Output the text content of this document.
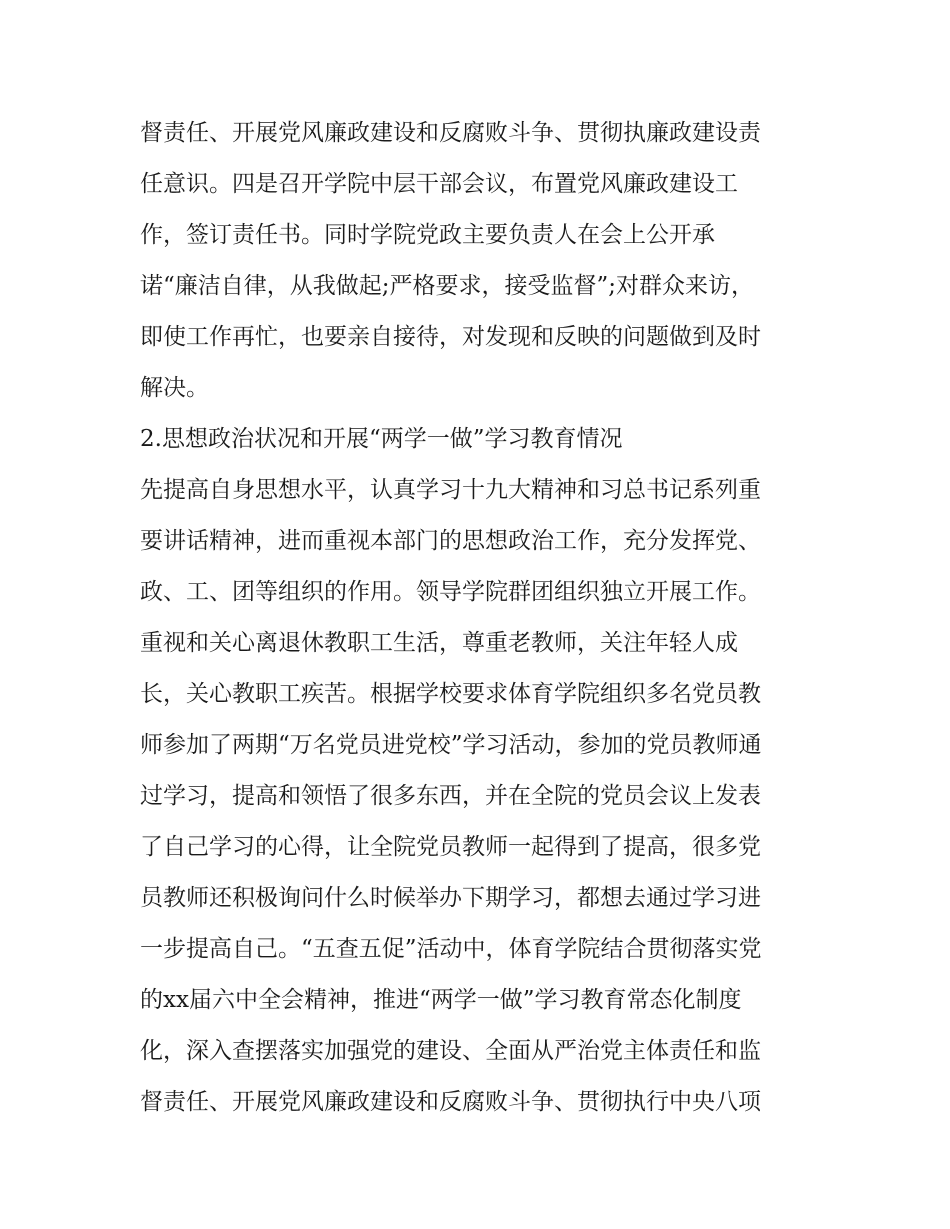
督责任、开展党风廉政建设和反腐败斗争、贯彻执廉政建设责
任意识。四是召开学院中层干部会议，布置党风廉政建设工
作，签订责任书。同时学院党政主要负责人在会上公开承
诺“廉洁自律，从我做起;严格要求，接受监督”;对群众来访，
即使工作再忙，也要亲自接待，对发现和反映的问题做到及时
解决。
2.思想政治状况和开展“两学一做”学习教育情况
先提高自身思想水平，认真学习十九大精神和习总书记系列重
要讲话精神，进而重视本部门的思想政治工作，充分发挥党、
政、工、团等组织的作用。领导学院群团组织独立开展工作。
重视和关心离退休教职工生活，尊重老教师，关注年轻人成
长，关心教职工疾苦。根据学校要求体育学院组织多名党员教
师参加了两期“万名党员进党校”学习活动，参加的党员教师通
过学习，提高和领悟了很多东西，并在全院的党员会议上发表
了自己学习的心得，让全院党员教师一起得到了提高，很多党
员教师还积极询问什么时候举办下期学习，都想去通过学习进
一步提高自己。“五查五促”活动中，体育学院结合贯彻落实党
的xx届六中全会精神，推进“两学一做”学习教育常态化制度
化，深入查摆落实加强党的建设、全面从严治党主体责任和监
督责任、开展党风廉政建设和反腐败斗争、贯彻执行中央八项
